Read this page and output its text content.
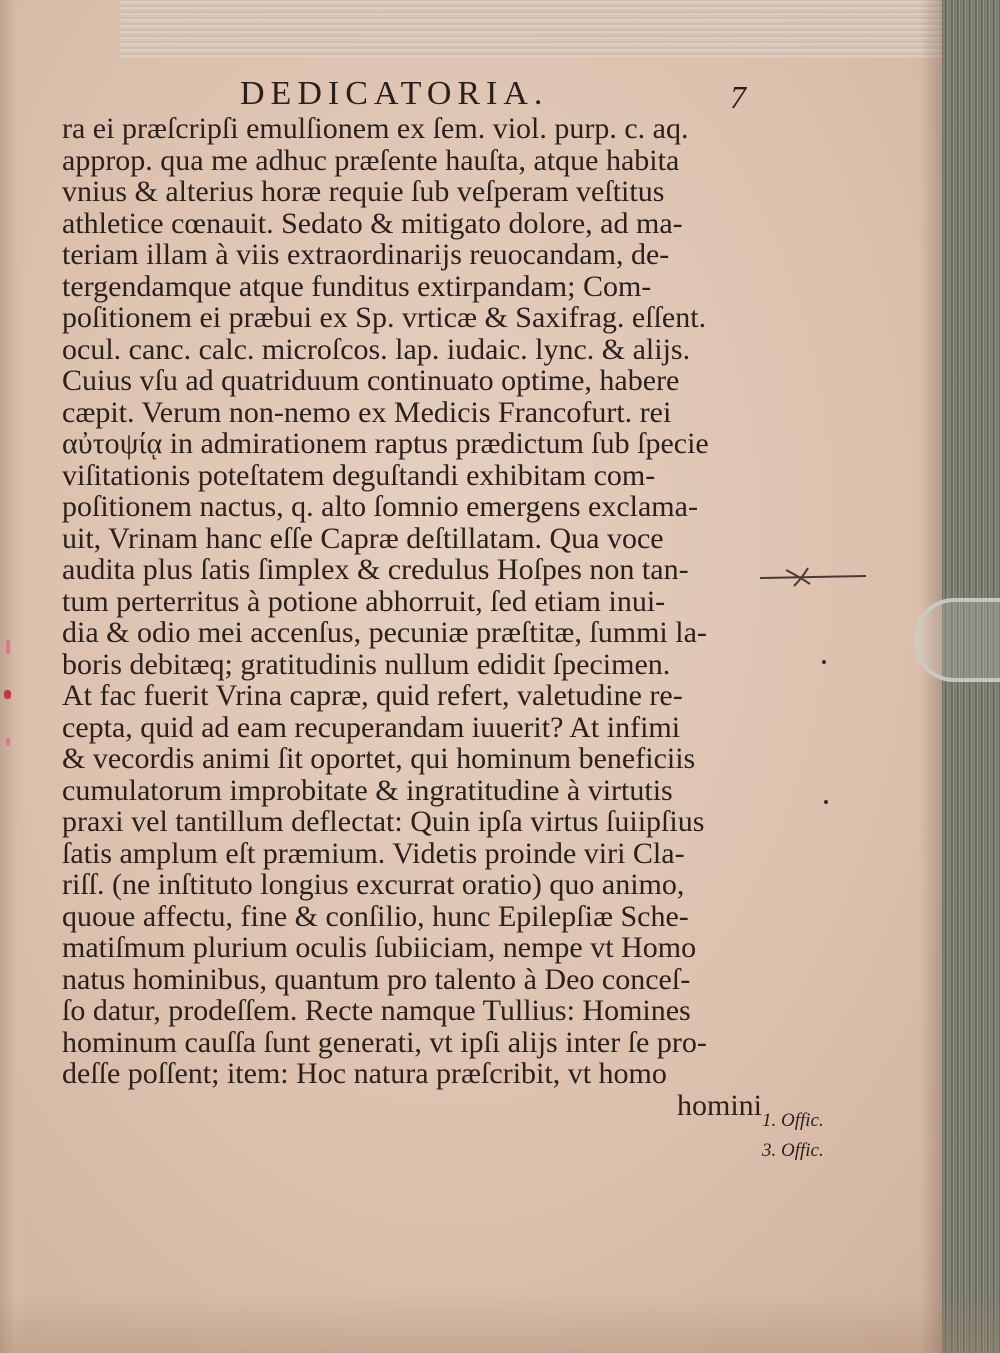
DEDICATORIA.	7
ra ei præſcripſi emulſionem ex ſem. viol. purp. c. aq.
approp. qua me adhuc præſente hauſta, atque habita
vnius & alterius horæ requie ſub veſperam veſtitus
athletice cœnauit. Sedato & mitigato dolore, ad ma-
teriam illam à viis extraordinarijs reuocandam, de-
tergendamque atque funditus extirpandam; Com-
poſitionem ei præbui ex Sp. vrticæ & Saxifrag. eſſent.
ocul. canc. calc. microſcos. lap. iudaic. lync. & alijs.
Cuius vſu ad quatriduum continuato optime, habere
cæpit. Verum non-nemo ex Medicis Francofurt. rei
αὐτοψίᾳ in admirationem raptus prædictum ſub ſpecie
viſitationis poteſtatem deguſtandi exhibitam com-
poſitionem nactus, q. alto ſomnio emergens exclama-
uit, Vrinam hanc eſſe Capræ deſtillatam. Qua voce
audita plus ſatis ſimplex & credulus Hoſpes non tan-
tum perterritus à potione abhorruit, ſed etiam inui-
dia & odio mei accenſus, pecuniæ præſtitæ, ſummi la-
boris debitæq; gratitudinis nullum edidit ſpecimen.
At fac fuerit Vrina capræ, quid refert, valetudine re-
cepta, quid ad eam recuperandam iuuerit? At infimi
& vecordis animi ſit oportet, qui hominum beneficiis
cumulatorum improbitate & ingratitudine à virtutis
praxi vel tantillum deflectat: Quin ipſa virtus ſuiipſius
ſatis amplum eſt præmium. Videtis proinde viri Cla-
riſſ. (ne inſtituto longius excurrat oratio) quo animo,
quoue affectu, fine & conſilio, hunc Epilepſiæ Sche-
matiſmum plurium oculis ſubiiciam, nempe vt Homo
natus hominibus, quantum pro talento à Deo conceſ-
ſo datur, prodeſſem. Recte namque Tullius: Homines
hominum cauſſa ſunt generati, vt ipſi alijs inter ſe pro-
deſſe poſſent; item: Hoc natura præſcribit, vt homo
homini 1. Offic.
3. Offic.
